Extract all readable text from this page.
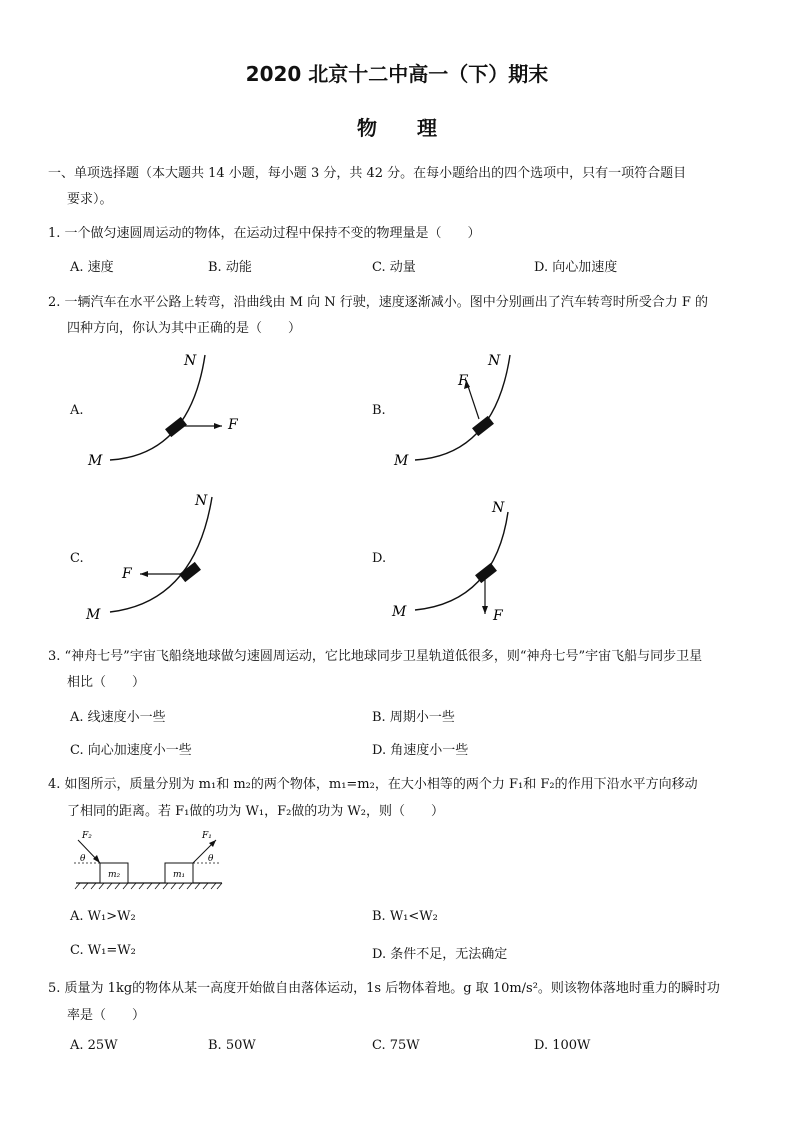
2020 北京十二中高一（下）期末
物　　理
一、单项选择题（本大题共 14 小题，每小题 3 分，共 42 分。在每小题给出的四个选项中，只有一项符合题目
要求）。
1. 一个做匀速圆周运动的物体，在运动过程中保持不变的物理量是（　　）
A. 速度	B. 动能	C. 动量	D. 向心加速度
2. 一辆汽车在水平公路上转弯，沿曲线由 M 向 N 行驶，速度逐渐减小。图中分别画出了汽车转弯时所受合力 F 的
四种方向，你认为其中正确的是（　　）
A.	B.
C.	D.
M
N
F
M
N
F
M
N
F
M
N
F
3. “神舟七号”宇宙飞船绕地球做匀速圆周运动，它比地球同步卫星轨道低很多，则“神舟七号”宇宙飞船与同步卫星
相比（　　）
A. 线速度小一些	B. 周期小一些
C. 向心加速度小一些	D. 角速度小一些
4. 如图所示，质量分别为 m₁和 m₂的两个物体，m₁=m₂，在大小相等的两个力 F₁和 F₂的作用下沿水平方向移动
了相同的距离。若 F₁做的功为 W₁，F₂做的功为 W₂，则（　　）
m₂
F₂
θ
m₁
F₁
θ
A. W₁>W₂	B. W₁<W₂
C. W₁=W₂	D. 条件不足，无法确定
5. 质量为 1kg的物体从某一高度开始做自由落体运动，1s 后物体着地。g 取 10m/s²。则该物体落地时重力的瞬时功
率是（　　）
A. 25W	B. 50W	C. 75W	D. 100W
